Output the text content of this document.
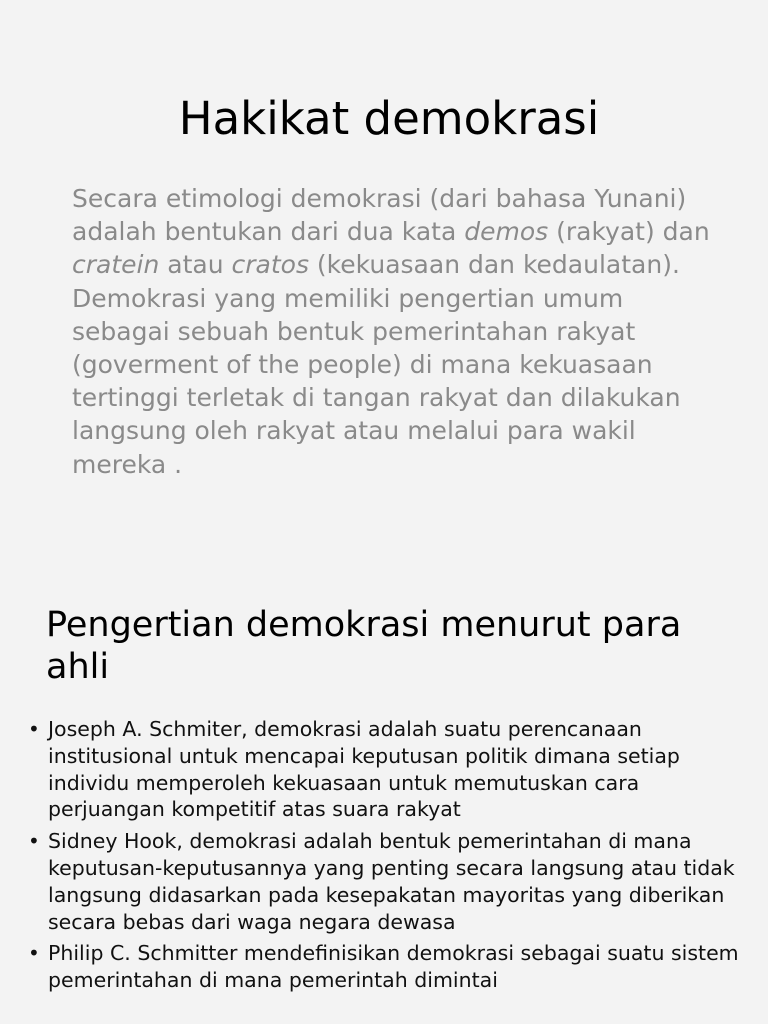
Hakikat demokrasi
Secara etimologi demokrasi (dari bahasa Yunani) adalah bentukan dari dua kata demos (rakyat) dan cratein atau cratos (kekuasaan dan kedaulatan). Demokrasi yang memiliki pengertian umum sebagai sebuah bentuk pemerintahan rakyat (goverment of the people) di mana kekuasaan tertinggi terletak di tangan rakyat dan dilakukan langsung oleh rakyat atau melalui para wakil mereka .
Pengertian demokrasi menurut para ahli
• Joseph A. Schmiter, demokrasi adalah suatu perencanaan institusional untuk mencapai keputusan politik dimana setiap individu memperoleh kekuasaan untuk memutuskan cara perjuangan kompetitif atas suara rakyat
• Sidney Hook, demokrasi adalah bentuk pemerintahan di mana keputusan-keputusannya yang penting secara langsung atau tidak langsung didasarkan pada kesepakatan mayoritas yang diberikan secara bebas dari waga negara dewasa
• Philip C. Schmitter mendefinisikan demokrasi sebagai suatu sistem pemerintahan di mana pemerintah dimintai
